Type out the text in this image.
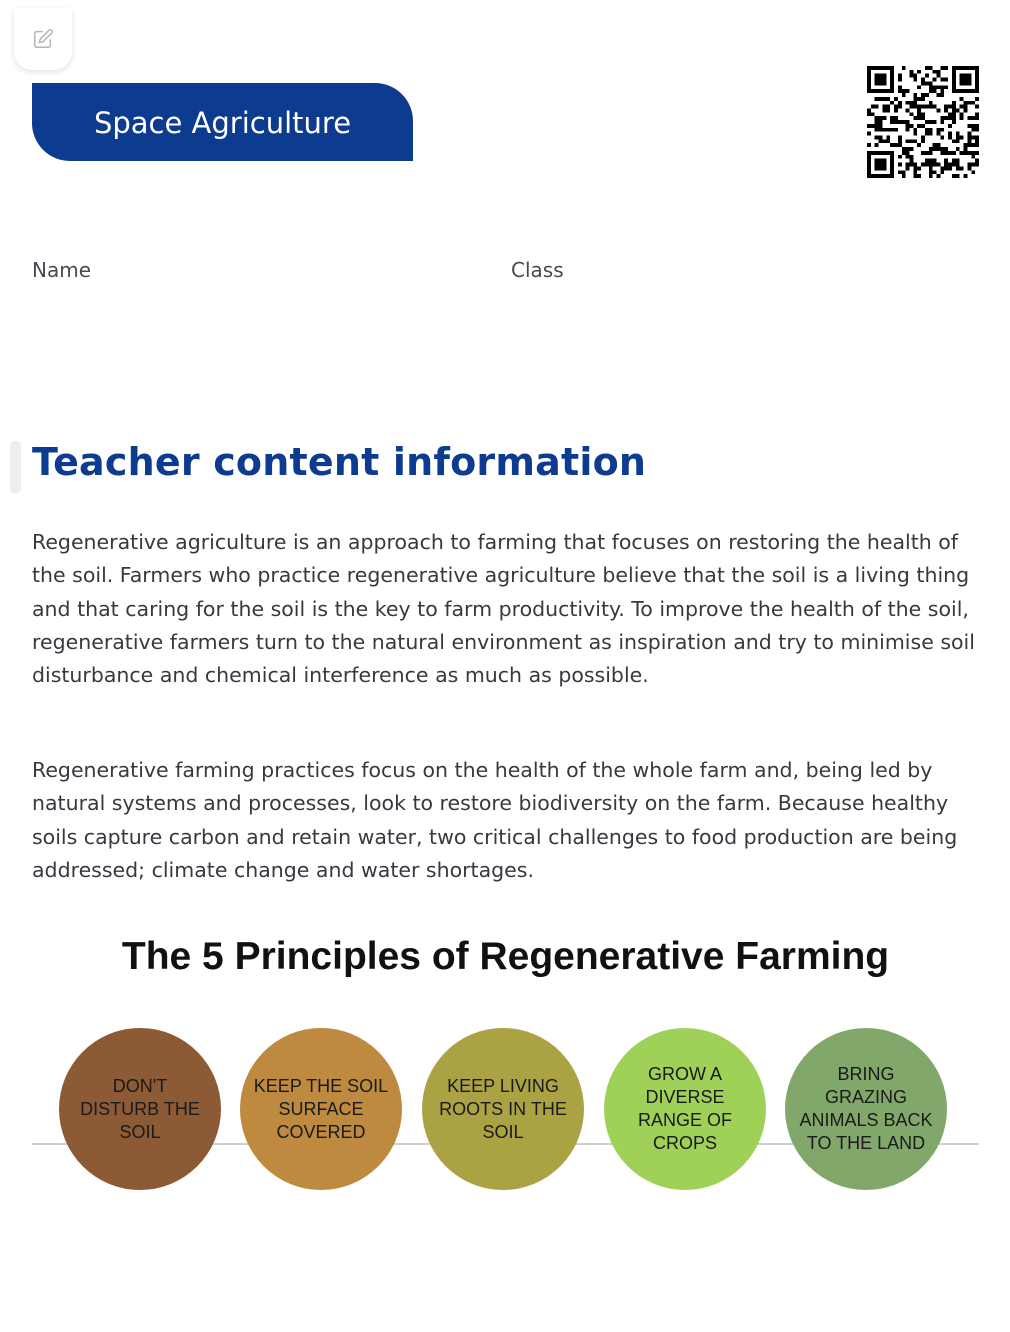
Space Agriculture
Name	Class
Teacher content information

Regenerative agriculture is an approach to farming that focuses on restoring the health of the soil. Farmers who practice regenerative agriculture believe that the soil is a living thing and that caring for the soil is the key to farm productivity. To improve the health of the soil, regenerative farmers turn to the natural environment as inspiration and try to minimise soil disturbance and chemical interference as much as possible.

Regenerative farming practices focus on the health of the whole farm and, being led by natural systems and processes, look to restore biodiversity on the farm. Because healthy soils capture carbon and retain water, two critical challenges to food production are being addressed; climate change and water shortages.

The 5 Principles of Regenerative Farming
DON'T DISTURB THE SOIL
KEEP THE SOIL SURFACE COVERED
KEEP LIVING ROOTS IN THE SOIL
GROW A DIVERSE RANGE OF CROPS
BRING GRAZING ANIMALS BACK TO THE LAND
